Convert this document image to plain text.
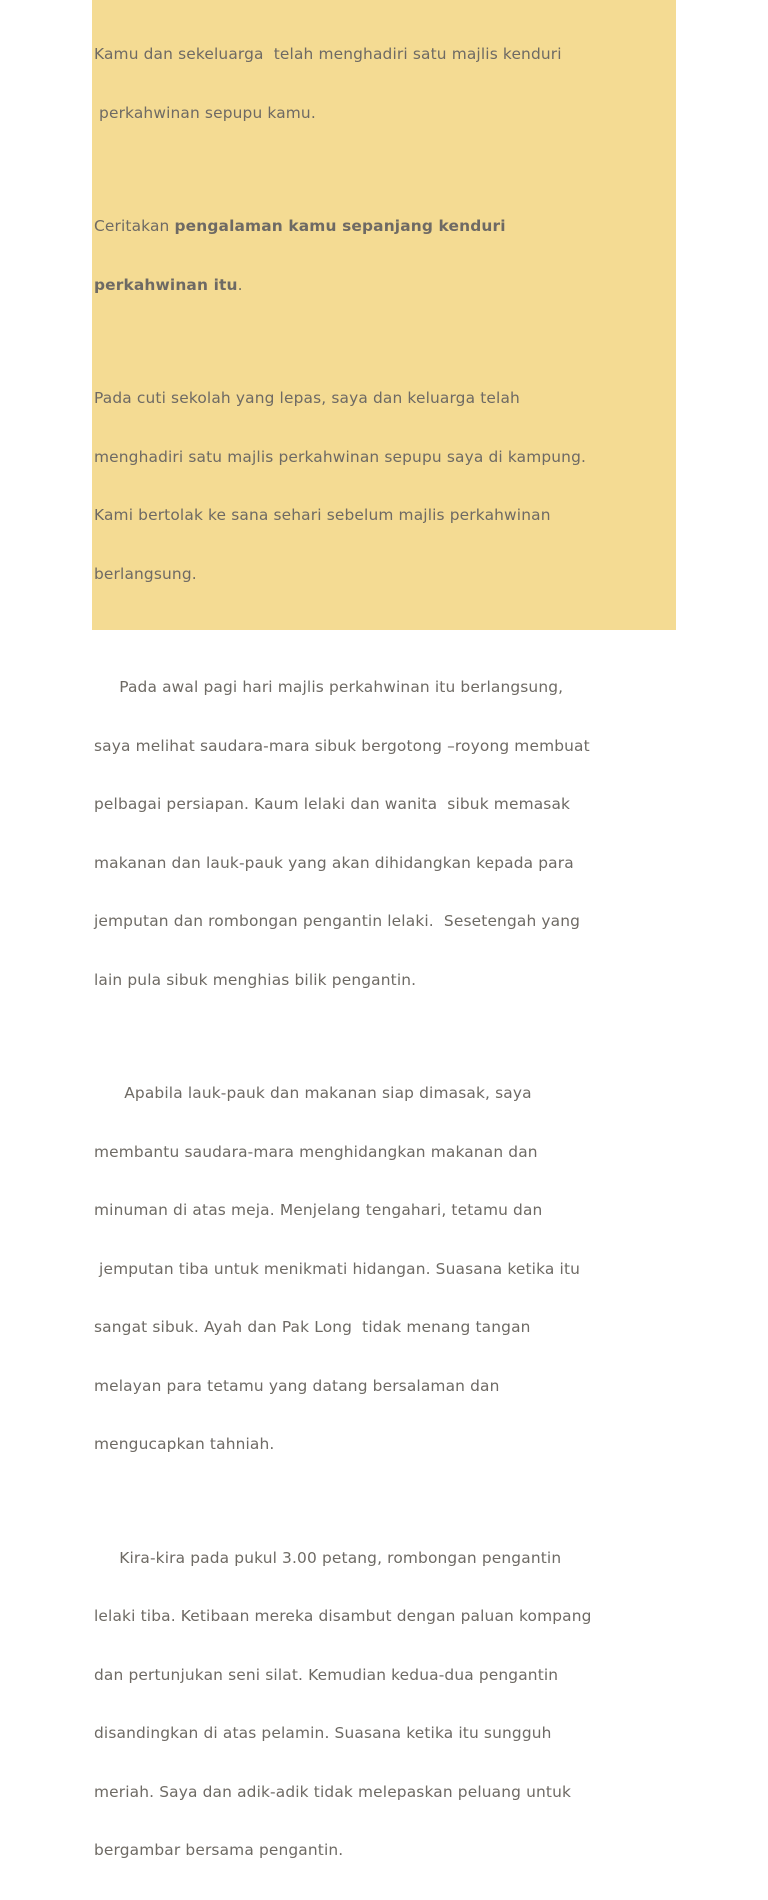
Kamu dan sekeluarga  telah menghadiri satu majlis kenduri

perkahwinan sepupu kamu.

Ceritakan pengalaman kamu sepanjang kenduri

perkahwinan itu.

Pada cuti sekolah yang lepas, saya dan keluarga telah

menghadiri satu majlis perkahwinan sepupu saya di kampung.

Kami bertolak ke sana sehari sebelum majlis perkahwinan

berlangsung.

Pada awal pagi hari majlis perkahwinan itu berlangsung,

saya melihat saudara-mara sibuk bergotong –royong membuat

pelbagai persiapan. Kaum lelaki dan wanita  sibuk memasak

makanan dan lauk-pauk yang akan dihidangkan kepada para

jemputan dan rombongan pengantin lelaki.  Sesetengah yang

lain pula sibuk menghias bilik pengantin.

Apabila lauk-pauk dan makanan siap dimasak, saya

membantu saudara-mara menghidangkan makanan dan

minuman di atas meja. Menjelang tengahari, tetamu dan

jemputan tiba untuk menikmati hidangan. Suasana ketika itu

sangat sibuk. Ayah dan Pak Long  tidak menang tangan

melayan para tetamu yang datang bersalaman dan

mengucapkan tahniah.

Kira-kira pada pukul 3.00 petang, rombongan pengantin

lelaki tiba. Ketibaan mereka disambut dengan paluan kompang

dan pertunjukan seni silat. Kemudian kedua-dua pengantin

disandingkan di atas pelamin. Suasana ketika itu sungguh

meriah. Saya dan adik-adik tidak melepaskan peluang untuk

bergambar bersama pengantin.
